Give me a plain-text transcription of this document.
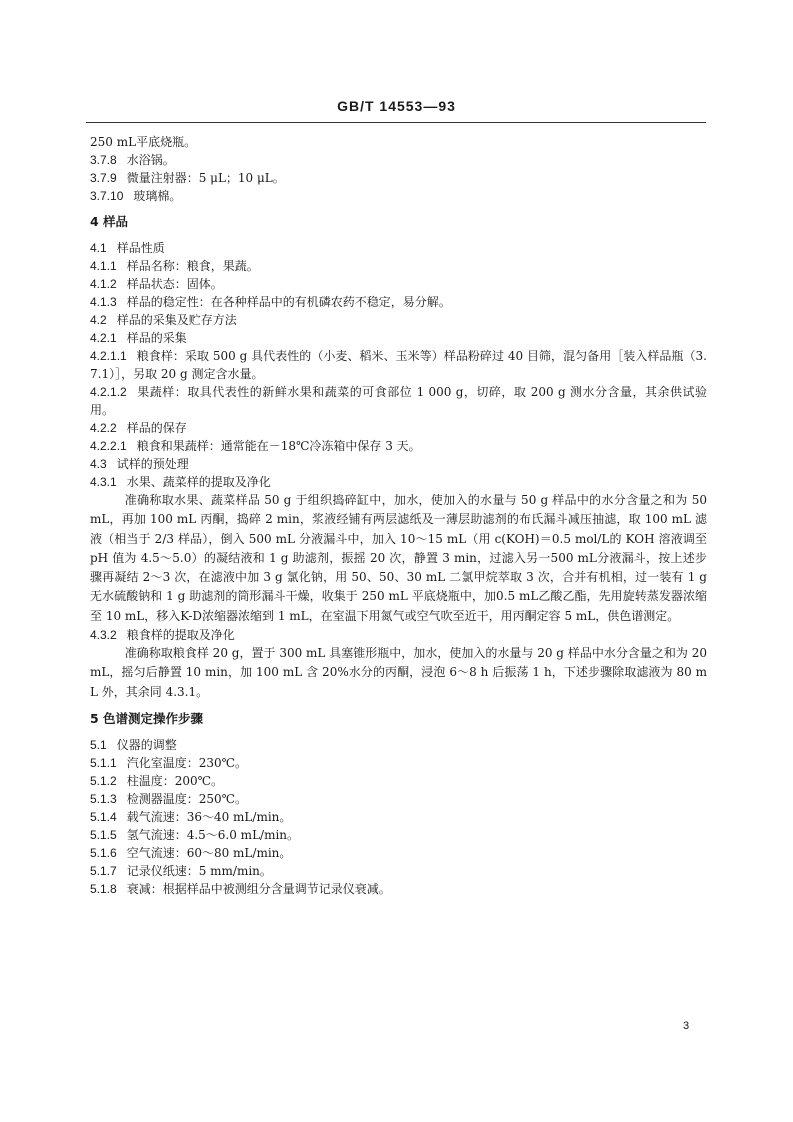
GB/T 14553—93
250 mL平底烧瓶。
3.7.8 水浴锅。
3.7.9 微量注射器：5 μL；10 μL。
3.7.10 玻璃棉。
4 样品
4.1 样品性质
4.1.1 样品名称：粮食，果蔬。
4.1.2 样品状态：固体。
4.1.3 样品的稳定性：在各种样品中的有机磷农药不稳定，易分解。
4.2 样品的采集及贮存方法
4.2.1 样品的采集
4.2.1.1 粮食样：采取 500 g 具代表性的（小麦、稻米、玉米等）样品粉碎过 40 目筛，混匀备用［装入样品瓶（3.7.1）］，另取 20 g 测定含水量。
4.2.1.2 果蔬样：取具代表性的新鲜水果和蔬菜的可食部位 1 000 g，切碎，取 200 g 测水分含量，其余供试验用。
4.2.2 样品的保存
4.2.2.1 粮食和果蔬样：通常能在－18℃冷冻箱中保存 3 天。
4.3 试样的预处理
4.3.1 水果、蔬菜样的提取及净化
准确称取水果、蔬菜样品 50 g 于组织捣碎缸中，加水，使加入的水量与 50 g 样品中的水分含量之和为 50 mL，再加 100 mL 丙酮，捣碎 2 min，浆液经铺有两层滤纸及一薄层助滤剂的布氏漏斗减压抽滤，取 100 mL 滤液（相当于 2/3 样品），倒入 500 mL 分液漏斗中，加入 10～15 mL（用 c(KOH)＝0.5 mol/L的 KOH 溶液调至 pH 值为 4.5～5.0）的凝结液和 1 g 助滤剂，振摇 20 次，静置 3 min，过滤入另一500 mL分液漏斗，按上述步骤再凝结 2～3 次，在滤液中加 3 g 氯化钠，用 50、50、30 mL 二氯甲烷萃取 3 次，合并有机相，过一装有 1 g 无水硫酸钠和 1 g 助滤剂的筒形漏斗干燥，收集于 250 mL 平底烧瓶中，加0.5 mL乙酸乙酯，先用旋转蒸发器浓缩至 10 mL，移入K-D浓缩器浓缩到 1 mL，在室温下用氮气或空气吹至近干，用丙酮定容 5 mL，供色谱测定。
4.3.2 粮食样的提取及净化
准确称取粮食样 20 g，置于 300 mL 具塞锥形瓶中，加水，使加入的水量与 20 g 样品中水分含量之和为 20 mL，摇匀后静置 10 min，加 100 mL 含 20%水分的丙酮，浸泡 6～8 h 后振荡 1 h，下述步骤除取滤液为 80 mL 外，其余同 4.3.1。
5 色谱测定操作步骤
5.1 仪器的调整
5.1.1 汽化室温度：230℃。
5.1.2 柱温度：200℃。
5.1.3 检测器温度：250℃。
5.1.4 载气流速：36～40 mL/min。
5.1.5 氢气流速：4.5～6.0 mL/min。
5.1.6 空气流速：60～80 mL/min。
5.1.7 记录仪纸速：5 mm/min。
5.1.8 衰减：根据样品中被测组分含量调节记录仪衰减。
3
